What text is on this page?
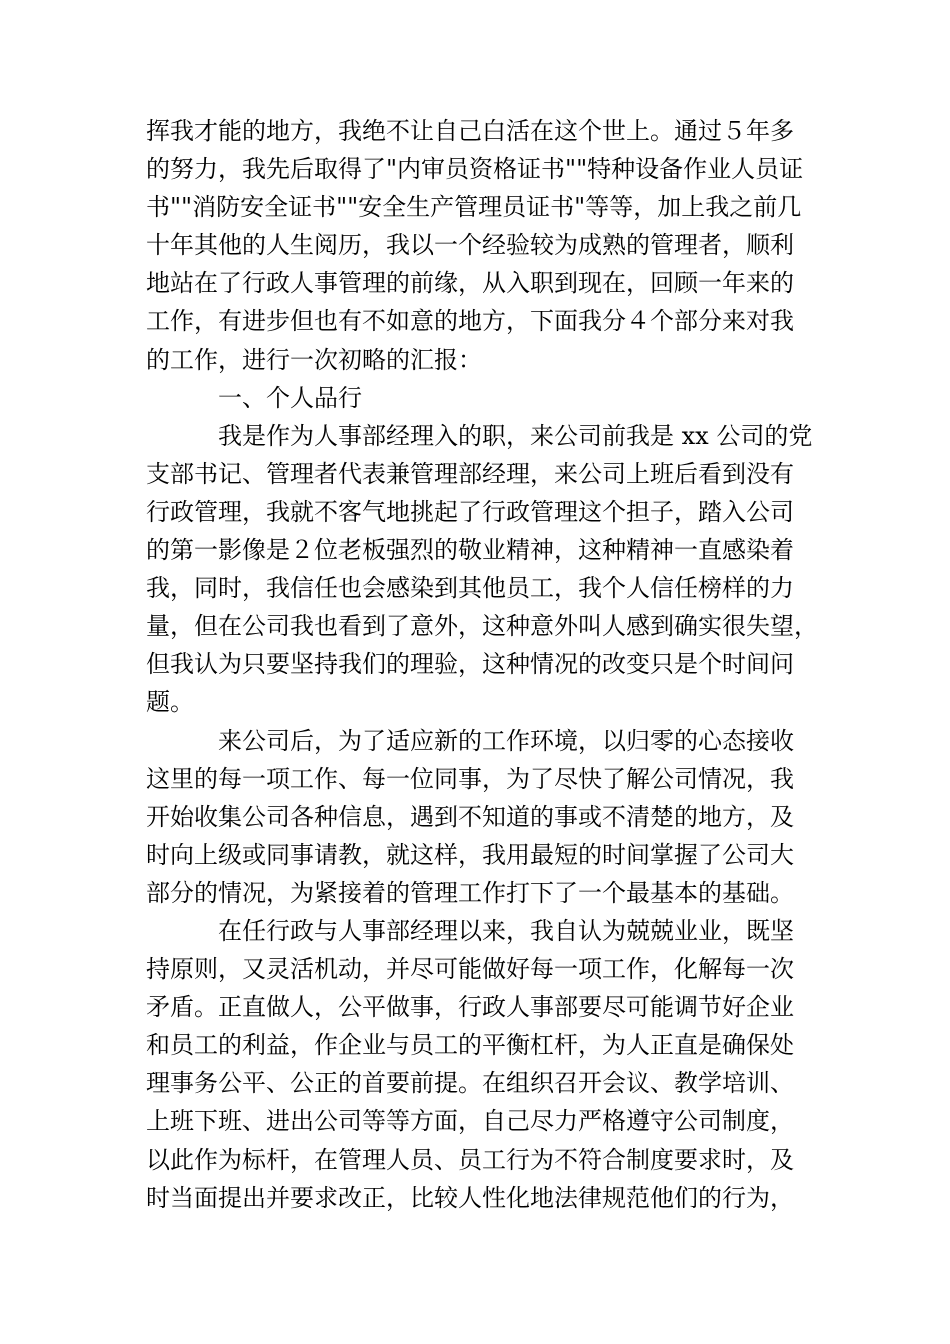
挥我才能的地方，我绝不让自己白活在这个世上。通过５年多
的努力，我先后取得了"内审员资格证书""特种设备作业人员证
书""消防安全证书""安全生产管理员证书"等等，加上我之前几
十年其他的人生阅历，我以一个经验较为成熟的管理者，顺利
地站在了行政人事管理的前缘，从入职到现在，回顾一年来的
工作，有进步但也有不如意的地方，下面我分４个部分来对我
的工作，进行一次初略的汇报：
一、个人品行
我是作为人事部经理入的职，来公司前我是 xx 公司的党
支部书记、管理者代表兼管理部经理，来公司上班后看到没有
行政管理，我就不客气地挑起了行政管理这个担子，踏入公司
的第一影像是２位老板强烈的敬业精神，这种精神一直感染着
我，同时，我信任也会感染到其他员工，我个人信任榜样的力
量，但在公司我也看到了意外，这种意外叫人感到确实很失望，
但我认为只要坚持我们的理验，这种情况的改变只是个时间问
题。
来公司后，为了适应新的工作环境，以归零的心态接收
这里的每一项工作、每一位同事，为了尽快了解公司情况，我
开始收集公司各种信息，遇到不知道的事或不清楚的地方，及
时向上级或同事请教，就这样，我用最短的时间掌握了公司大
部分的情况，为紧接着的管理工作打下了一个最基本的基础。
在任行政与人事部经理以来，我自认为兢兢业业，既坚
持原则，又灵活机动，并尽可能做好每一项工作，化解每一次
矛盾。正直做人，公平做事，行政人事部要尽可能调节好企业
和员工的利益，作企业与员工的平衡杠杆，为人正直是确保处
理事务公平、公正的首要前提。在组织召开会议、教学培训、
上班下班、进出公司等等方面，自己尽力严格遵守公司制度，
以此作为标杆，在管理人员、员工行为不符合制度要求时，及
时当面提出并要求改正，比较人性化地法律规范他们的行为，
